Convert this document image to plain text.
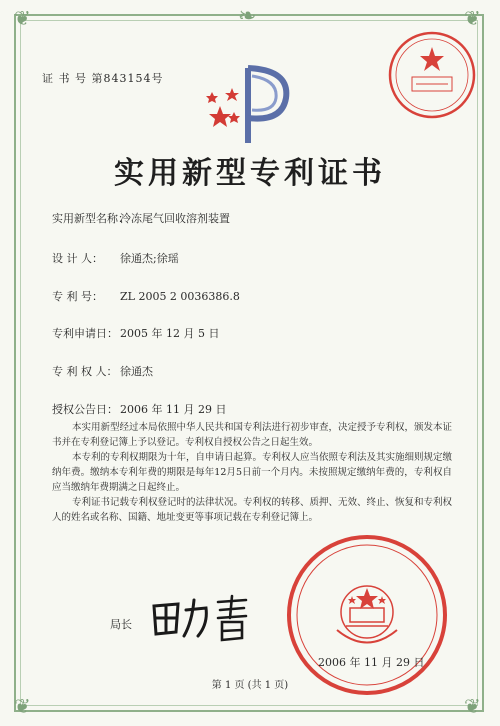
❦	❦
❦	❦
❧
证 书 号 第843154号
实用新型专利证书
实用新型名称：冷冻尾气回收溶剂装置
设 计 人： 徐通杰;徐瑶
专 利 号： ZL 2005 2 0036386.8
专利申请日： 2005 年 12 月 5 日
专 利 权 人： 徐通杰
授权公告日： 2006 年 11 月 29 日

本实用新型经过本局依照中华人民共和国专利法进行初步审查，决定授予专利权，颁发本证书并在专利登记簿上予以登记。专利权自授权公告之日起生效。

本专利的专利权期限为十年，自申请日起算。专利权人应当依照专利法及其实施细则规定缴纳年费。缴纳本专利年费的期限是每年12月5日前一个月内。未按照规定缴纳年费的，专利权自应当缴纳年费期满之日起终止。

专利证书记载专利权登记时的法律状况。专利权的转移、质押、无效、终止、恢复和专利权人的姓名或名称、国籍、地址变更等事项记载在专利登记簿上。

局长
2006 年 11 月 29 日
第 1 页 (共 1 页)
